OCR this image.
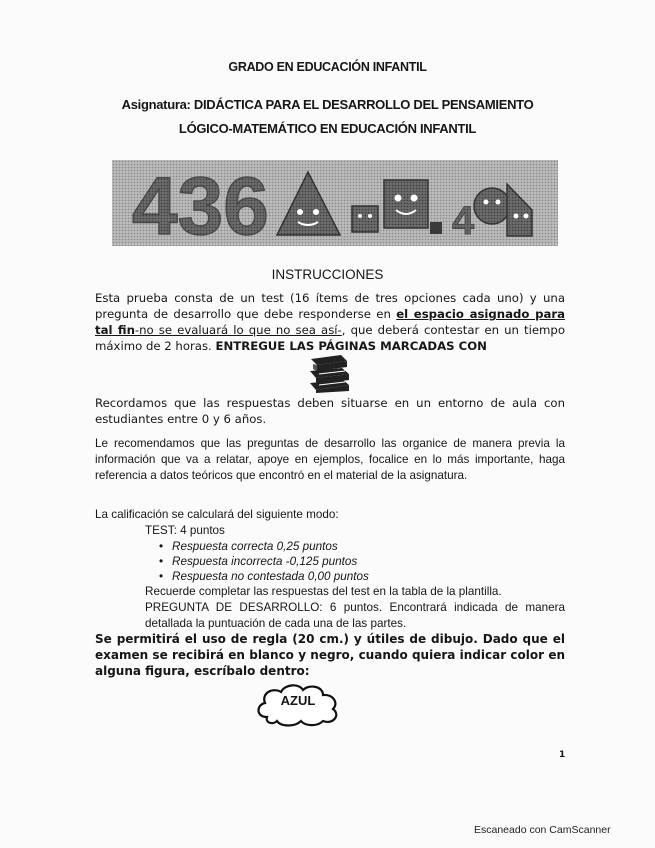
GRADO EN EDUCACIÓN INFANTIL
Asignatura: DIDÁCTICA PARA EL DESARROLLO DEL PENSAMIENTO
LÓGICO-MATEMÁTICO EN EDUCACIÓN INFANTIL
436	4
INSTRUCCIONES

Esta prueba consta de un test (16 ítems de tres opciones cada uno) y una pregunta de desarrollo que debe responderse en el espacio asignado para tal fin-no se evaluará lo que no sea así-, que deberá contestar en un tiempo máximo de 2 horas. ENTREGUE LAS PÁGINAS MARCADAS CON

Recordamos que las respuestas deben situarse en un entorno de aula con estudiantes entre 0 y 6 años.

Le recomendamos que las preguntas de desarrollo las organice de manera previa la información que va a relatar, apoye en ejemplos, focalice en lo más importante, haga referencia a datos teóricos que encontró en el material de la asignatura.

La calificación se calculará del siguiente modo:
TEST: 4 puntos
• Respuesta correcta 0,25 puntos
• Respuesta incorrecta -0,125 puntos
• Respuesta no contestada 0,00 puntos
Recuerde completar las respuestas del test en la tabla de la plantilla.
PREGUNTA DE DESARROLLO: 6 puntos. Encontrará indicada de manera detallada la puntuación de cada una de las partes.

Se permitirá el uso de regla (20 cm.) y útiles de dibujo. Dado que el examen se recibirá en blanco y negro, cuando quiera indicar color en alguna figura, escríbalo dentro:

AZUL
1
Escaneado con CamScanner
